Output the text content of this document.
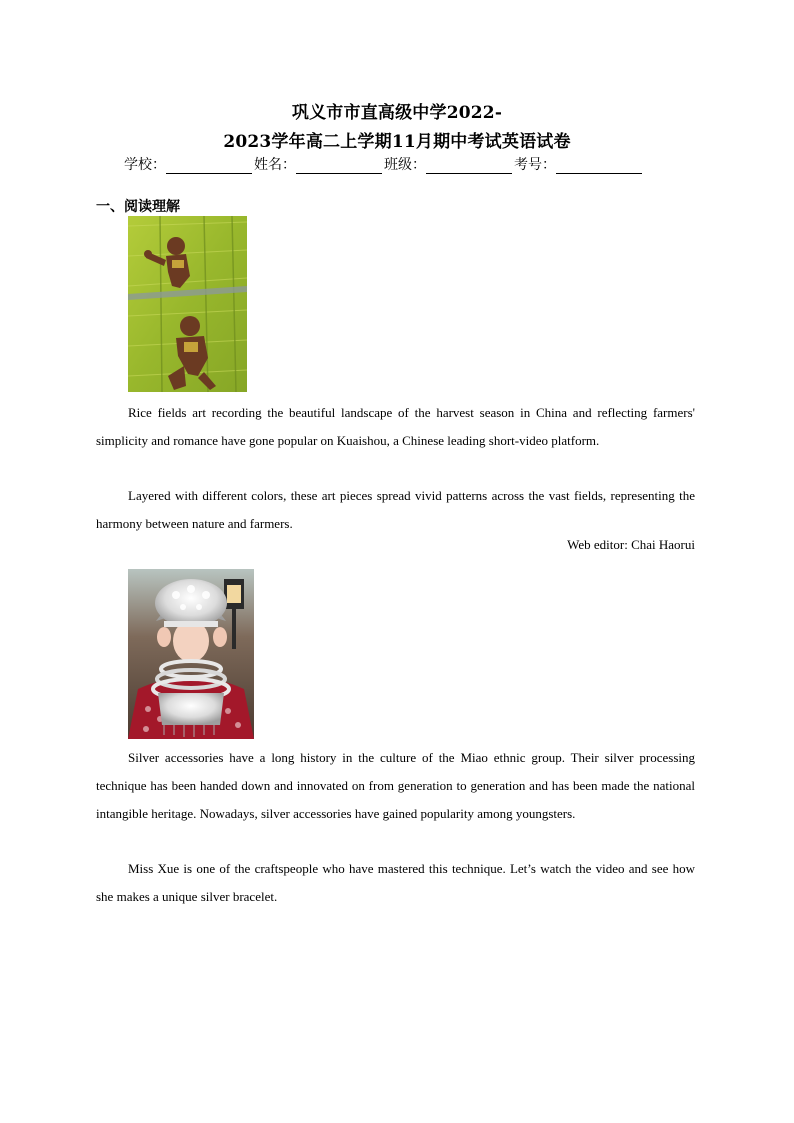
巩义市市直高级中学2022-
2023学年高二上学期11月期中考试英语试卷
学校：	姓名：	班级：	考号：
一、阅读理解

Rice fields art recording the beautiful landscape of the harvest season in China and reflecting farmers' simplicity and romance have gone popular on Kuaishou, a Chinese leading short-video platform.

Layered with different colors, these art pieces spread vivid patterns across the vast fields, representing the harmony between nature and farmers.

Web editor: Chai Haorui

Silver accessories have a long history in the culture of the Miao ethnic group. Their silver processing technique has been handed down and innovated on from generation to generation and has been made the national intangible heritage. Nowadays, silver accessories have gained popularity among youngsters.

Miss Xue is one of the craftspeople who have mastered this technique. Let’s watch the video and see how she makes a unique silver bracelet.
